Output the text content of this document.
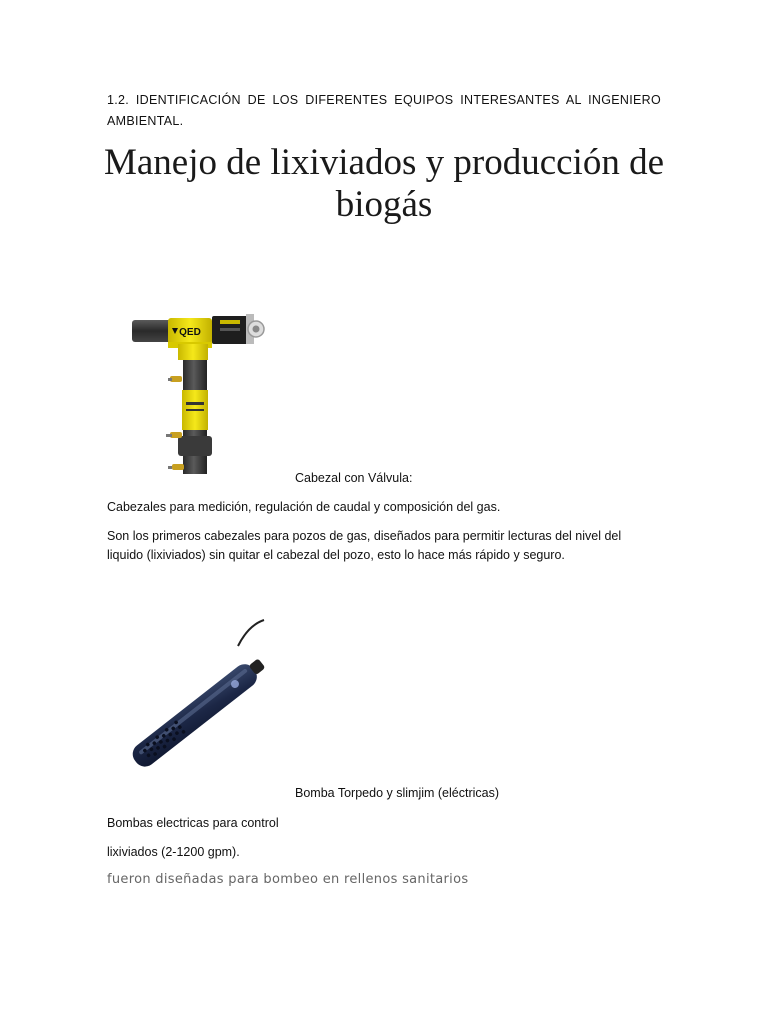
1.2. IDENTIFICACIÓN DE LOS DIFERENTES EQUIPOS INTERESANTES AL INGENIERO AMBIENTAL.
Manejo de lixiviados y producción de biogás
QED
Cabezal con Válvula:
Cabezales para medición, regulación de caudal y composición del gas.
Son los primeros cabezales para pozos de gas, diseñados para permitir lecturas del nivel del liquido (lixiviados) sin quitar el cabezal del pozo, esto lo hace más rápido y seguro.
Bomba Torpedo y slimjim (eléctricas)
Bombas electricas para control
lixiviados (2-1200 gpm).
fueron diseñadas para bombeo en rellenos sanitarios
